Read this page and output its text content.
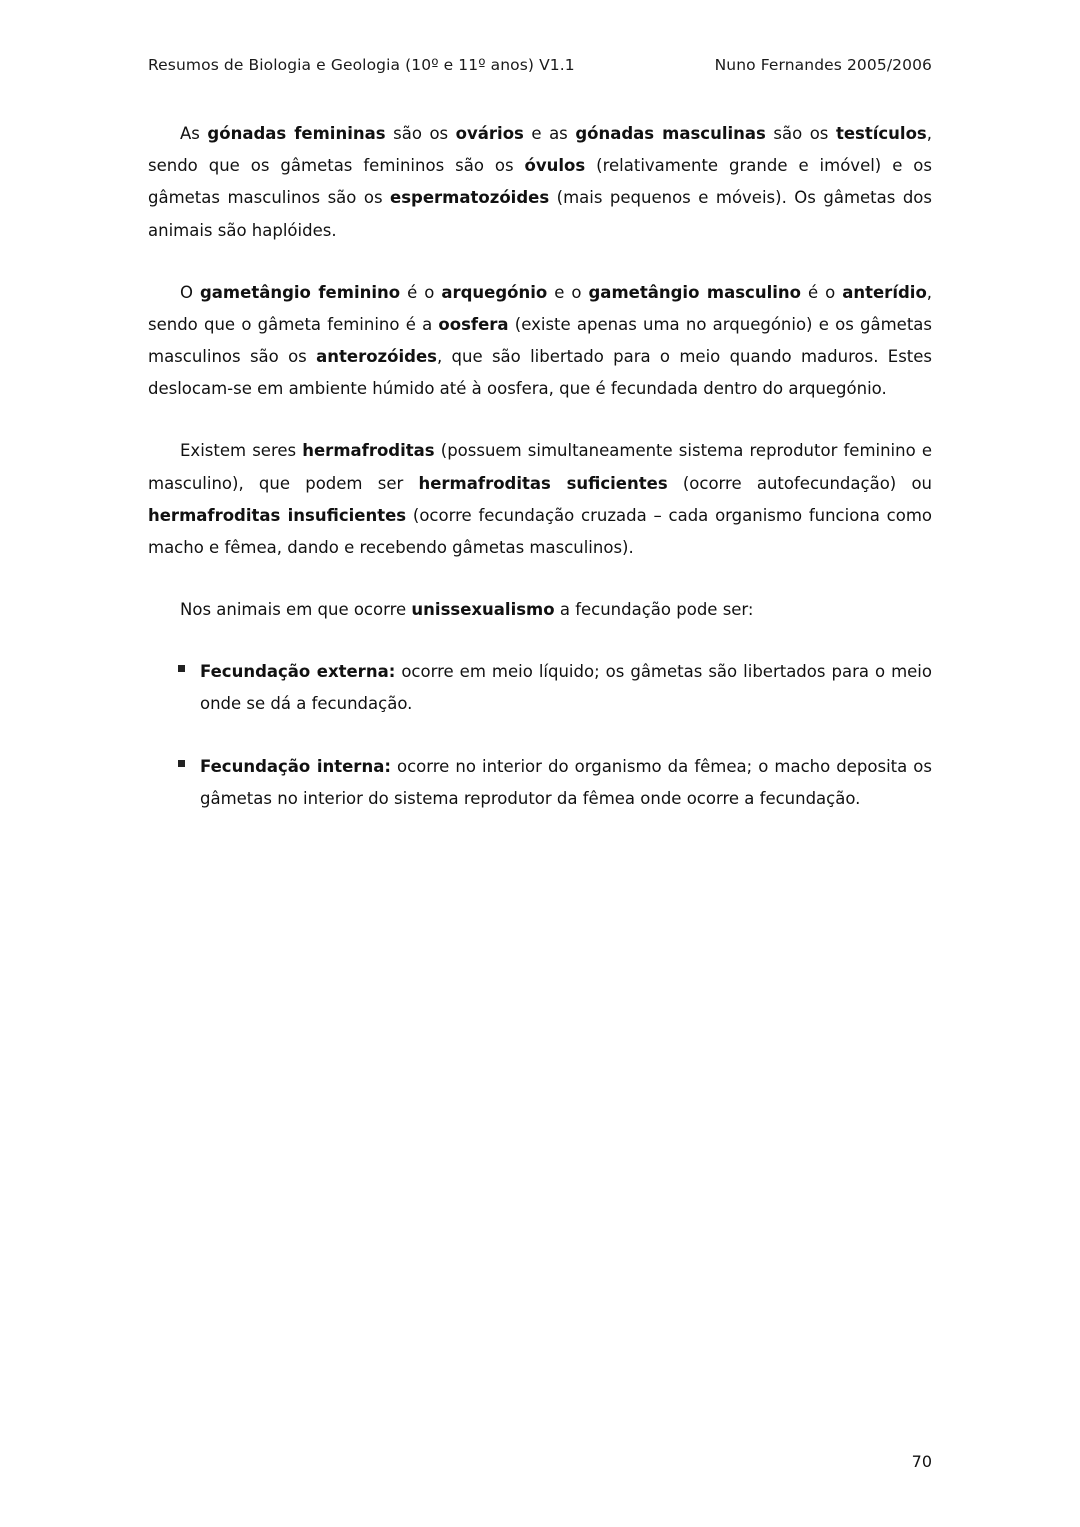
Resumos de Biologia e Geologia (10º e 11º anos) V1.1	Nuno Fernandes 2005/2006

As gónadas femininas são os ovários e as gónadas masculinas são os testículos, sendo que os gâmetas femininos são os óvulos (relativamente grande e imóvel) e os gâmetas masculinos são os espermatozóides (mais pequenos e móveis). Os gâmetas dos animais são haplóides.

O gametângio feminino é o arquegónio e o gametângio masculino é o anterídio, sendo que o gâmeta feminino é a oosfera (existe apenas uma no arquegónio) e os gâmetas masculinos são os anterozóides, que são libertado para o meio quando maduros. Estes deslocam-se em ambiente húmido até à oosfera, que é fecundada dentro do arquegónio.

Existem seres hermafroditas (possuem simultaneamente sistema reprodutor feminino e masculino), que podem ser hermafroditas suficientes (ocorre autofecundação) ou hermafroditas insuficientes (ocorre fecundação cruzada – cada organismo funciona como macho e fêmea, dando e recebendo gâmetas masculinos).

Nos animais em que ocorre unissexualismo a fecundação pode ser:

Fecundação externa: ocorre em meio líquido; os gâmetas são libertados para o meio onde se dá a fecundação.
Fecundação interna: ocorre no interior do organismo da fêmea; o macho deposita os gâmetas no interior do sistema reprodutor da fêmea onde ocorre a fecundação.
70
